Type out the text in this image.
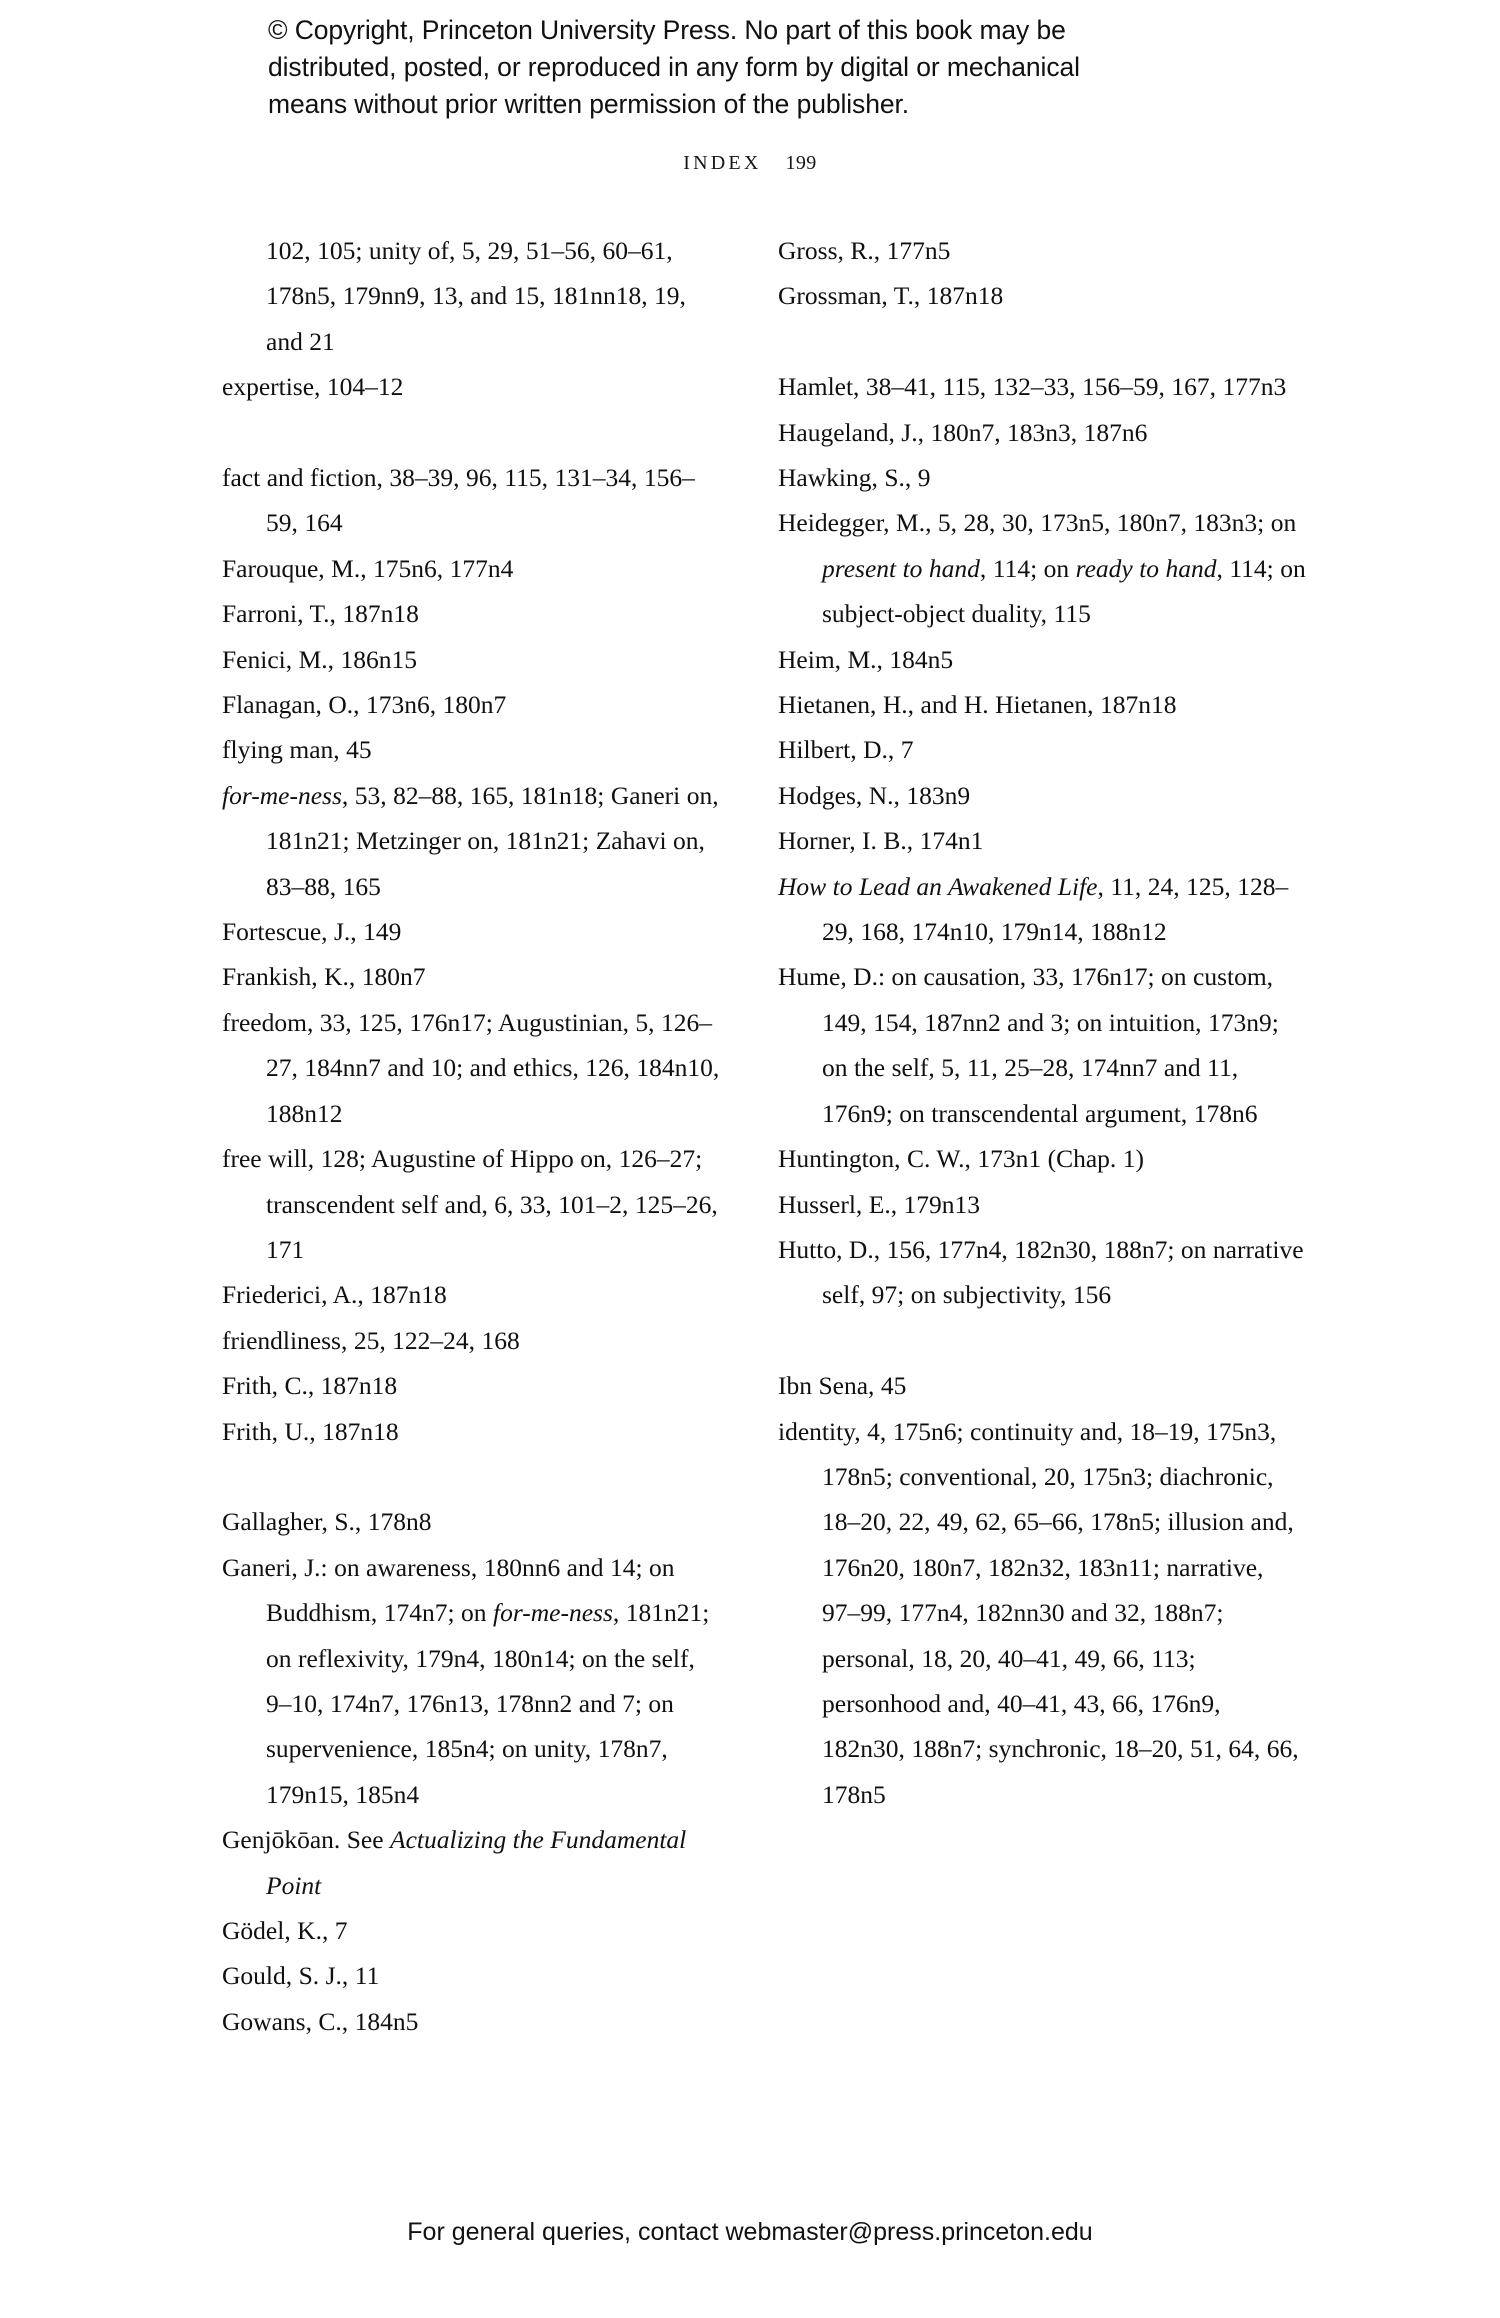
© Copyright, Princeton University Press. No part of this book may be
distributed, posted, or reproduced in any form by digital or mechanical
means without prior written permission of the publisher.
INDEX 199

102, 105; unity of, 5, 29, 51–56, 60–61, 178n5, 179nn9, 13, and 15, 181nn18, 19, and 21

expertise, 104–12

fact and fiction, 38–39, 96, 115, 131–34, 156–59, 164

Farouque, M., 175n6, 177n4

Farroni, T., 187n18

Fenici, M., 186n15

Flanagan, O., 173n6, 180n7

flying man, 45

for-me-ness, 53, 82–88, 165, 181n18; Ganeri on, 181n21; Metzinger on, 181n21; Zahavi on, 83–88, 165

Fortescue, J., 149

Frankish, K., 180n7

freedom, 33, 125, 176n17; Augustinian, 5, 126–27, 184nn7 and 10; and ethics, 126, 184n10, 188n12

free will, 128; Augustine of Hippo on, 126–27; transcendent self and, 6, 33, 101–2, 125–26, 171

Friederici, A., 187n18

friendliness, 25, 122–24, 168

Frith, C., 187n18

Frith, U., 187n18

Gallagher, S., 178n8

Ganeri, J.: on awareness, 180nn6 and 14; on Buddhism, 174n7; on for-me-ness, 181n21; on reflexivity, 179n4, 180n14; on the self, 9–10, 174n7, 176n13, 178nn2 and 7; on supervenience, 185n4; on unity, 178n7, 179n15, 185n4

Genjōkōan. See Actualizing the Fundamental Point

Gödel, K., 7

Gould, S. J., 11

Gowans, C., 184n5

Gross, R., 177n5

Grossman, T., 187n18

Hamlet, 38–41, 115, 132–33, 156–59, 167, 177n3

Haugeland, J., 180n7, 183n3, 187n6

Hawking, S., 9

Heidegger, M., 5, 28, 30, 173n5, 180n7, 183n3; on present to hand, 114; on ready to hand, 114; on subject-object duality, 115

Heim, M., 184n5

Hietanen, H., and H. Hietanen, 187n18

Hilbert, D., 7

Hodges, N., 183n9

Horner, I. B., 174n1

How to Lead an Awakened Life, 11, 24, 125, 128–29, 168, 174n10, 179n14, 188n12

Hume, D.: on causation, 33, 176n17; on custom, 149, 154, 187nn2 and 3; on intuition, 173n9; on the self, 5, 11, 25–28, 174nn7 and 11, 176n9; on transcendental argument, 178n6

Huntington, C. W., 173n1 (Chap. 1)

Husserl, E., 179n13

Hutto, D., 156, 177n4, 182n30, 188n7; on narrative self, 97; on subjectivity, 156

Ibn Sena, 45

identity, 4, 175n6; continuity and, 18–19, 175n3, 178n5; conventional, 20, 175n3; diachronic, 18–20, 22, 49, 62, 65–66, 178n5; illusion and, 176n20, 180n7, 182n32, 183n11; narrative, 97–99, 177n4, 182nn30 and 32, 188n7; personal, 18, 20, 40–41, 49, 66, 113; personhood and, 40–41, 43, 66, 176n9, 182n30, 188n7; synchronic, 18–20, 51, 64, 66, 178n5

For general queries, contact webmaster@press.princeton.edu
